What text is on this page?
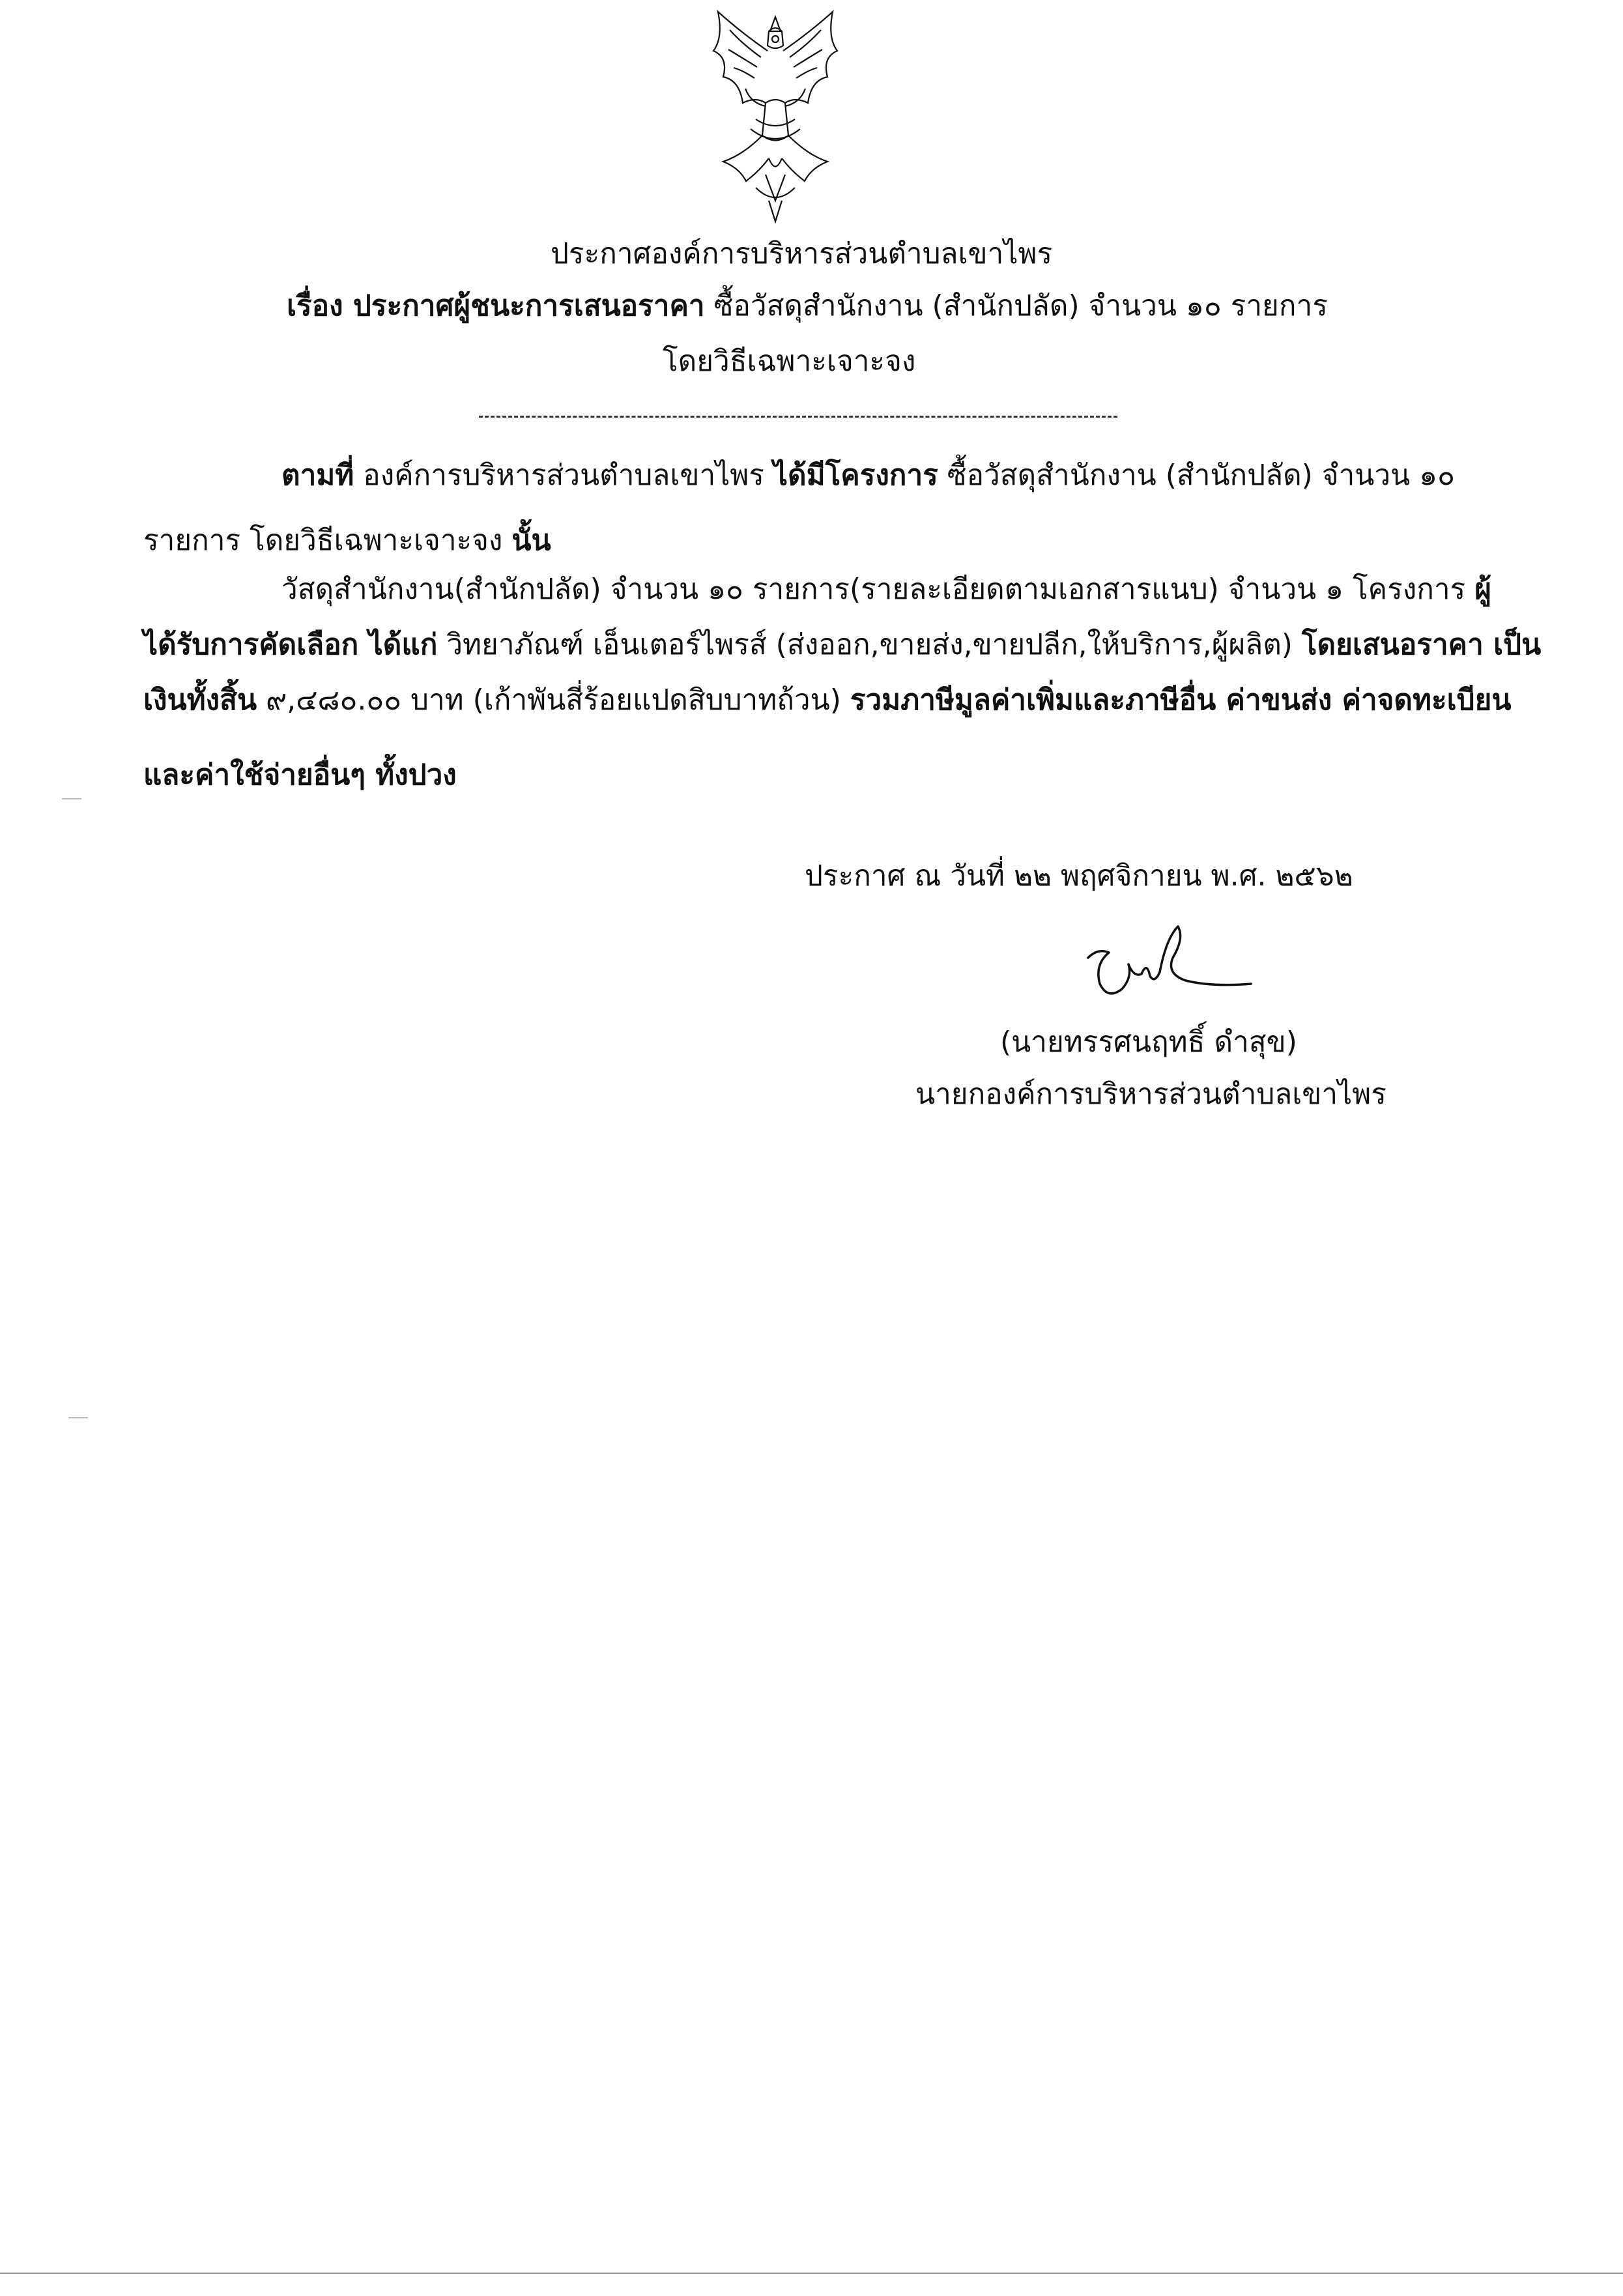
ประกาศองค์การบริหารส่วนตำบลเขาไพร
เรื่อง ประกาศผู้ชนะการเสนอราคา ซื้อวัสดุสำนักงาน (สำนักปลัด) จำนวน ๑๐ รายการ
โดยวิธีเฉพาะเจาะจง
ตามที่ องค์การบริหารส่วนตำบลเขาไพร ได้มีโครงการ ซื้อวัสดุสำนักงาน (สำนักปลัด) จำนวน ๑๐
รายการ โดยวิธีเฉพาะเจาะจง นั้น
วัสดุสำนักงาน(สำนักปลัด) จำนวน ๑๐ รายการ(รายละเอียดตามเอกสารแนบ) จำนวน ๑ โครงการ ผู้
ได้รับการคัดเลือก ได้แก่ วิทยาภัณฑ์ เอ็นเตอร์ไพรส์ (ส่งออก,ขายส่ง,ขายปลีก,ให้บริการ,ผู้ผลิต) โดยเสนอราคา เป็น
เงินทั้งสิ้น ๙,๔๘๐.๐๐ บาท (เก้าพันสี่ร้อยแปดสิบบาทถ้วน) รวมภาษีมูลค่าเพิ่มและภาษีอื่น ค่าขนส่ง ค่าจดทะเบียน
และค่าใช้จ่ายอื่นๆ ทั้งปวง
ประกาศ ณ วันที่ ๒๒ พฤศจิกายน พ.ศ. ๒๕๖๒
(นายทรรศนฤทธิ์ ดำสุข)
นายกองค์การบริหารส่วนตำบลเขาไพร
